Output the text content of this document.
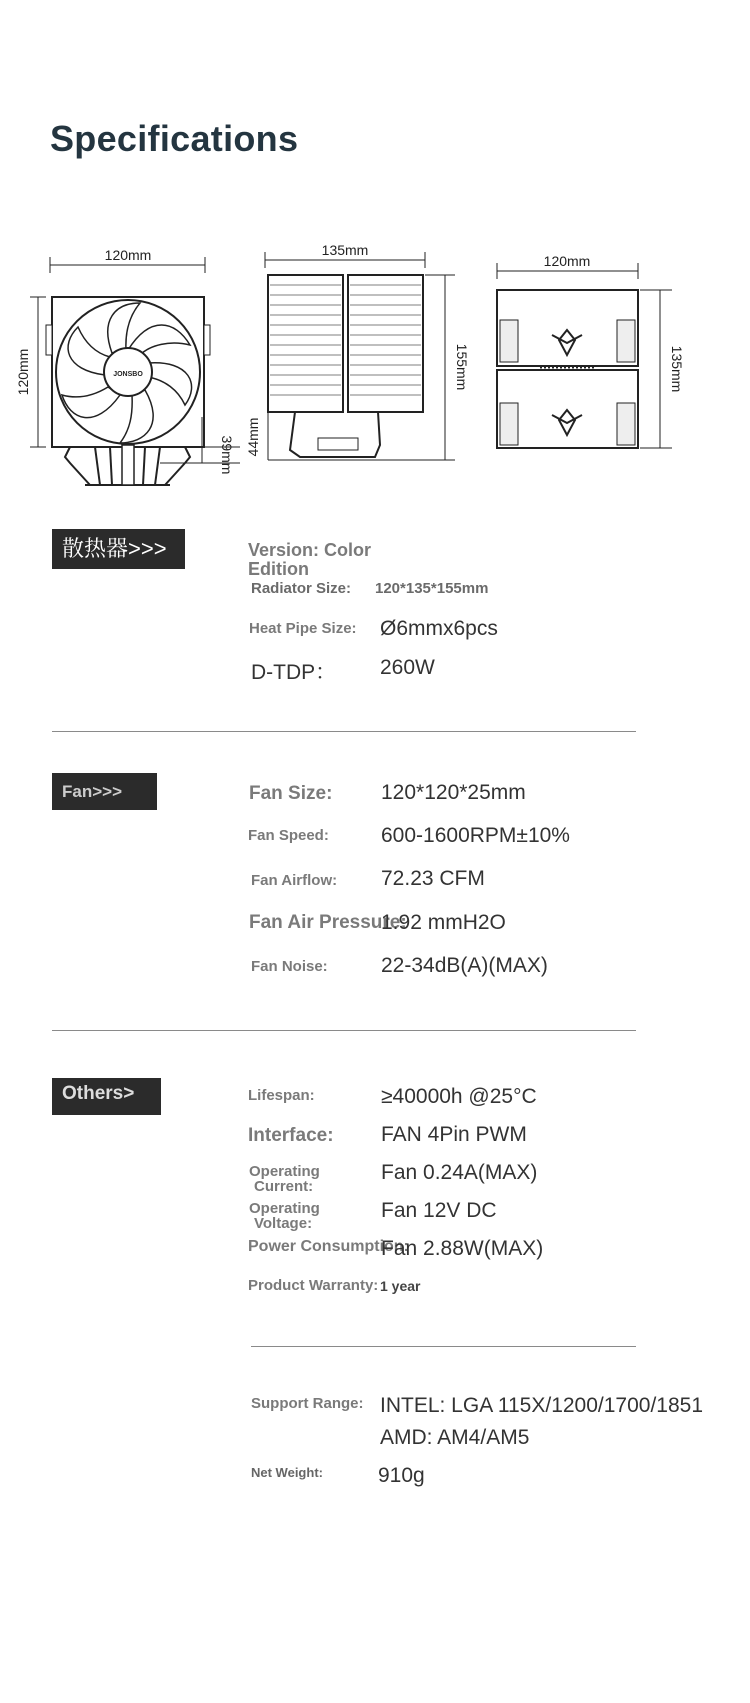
Specifications
120mm
120mm	JONSBO
39mm
135mm
44mm
155mm
120mm
135mm
散热器>>>	Version: Color Edition
Radiator Size: 120*135*155mm
Heat Pipe Size: Ø6mmx6pcs
D-TDP： 260W
Fan>>>	Fan Size: 120*120*25mm
Fan Speed: 600-1600RPM±10%
Fan Airflow: 72.23 CFM
Fan Air Pressure:
1.92 mmH2O
Fan Noise:	22-34dB(A)(MAX)
Others>	Lifespan:	≥40000h @25°C
Interface: FAN 4Pin PWM
Operating
Current:
Fan 0.24A(MAX)
Operating
Voltage:
Fan 12V DC
Power Consumption:
Fan 2.88W(MAX)
Product Warranty: 1 year
Support Range: INTEL: LGA 115X/1200/1700/1851
AMD: AM4/AM5
Net Weight:	910g
